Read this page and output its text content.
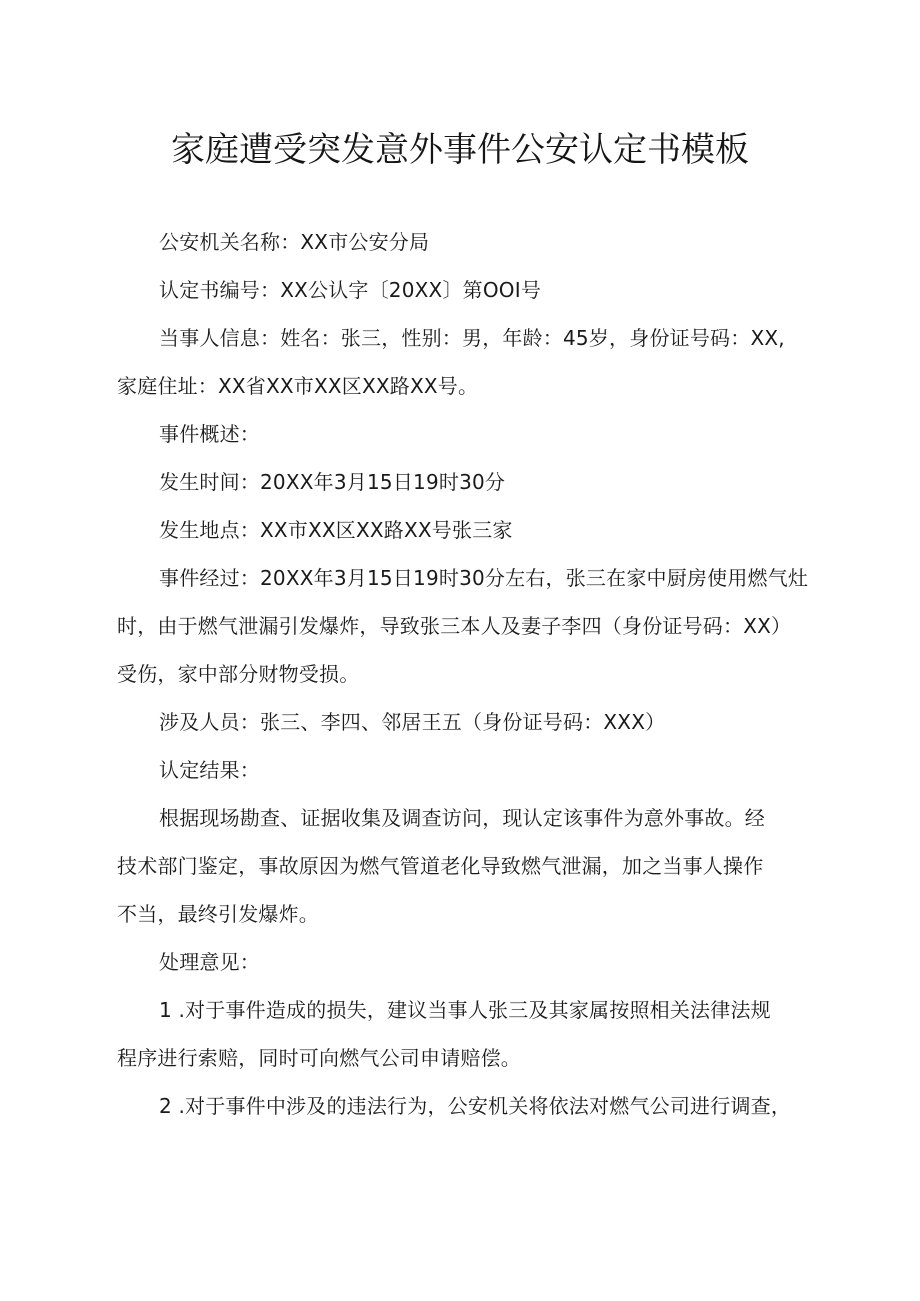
家庭遭受突发意外事件公安认定书模板
公安机关名称：XX市公安分局
认定书编号：XX公认字〔20XX〕第OOI号
当事人信息：姓名：张三，性别：男，年龄：45岁，身份证号码：XX,
家庭住址：XX省XX市XX区XX路XX号。
事件概述：
发生时间：20XX年3月15日19时30分
发生地点：XX市XX区XX路XX号张三家
事件经过：20XX年3月15日19时30分左右，张三在家中厨房使用燃气灶
时，由于燃气泄漏引发爆炸，导致张三本人及妻子李四（身份证号码：XX）
受伤，家中部分财物受损。
涉及人员：张三、李四、邻居王五（身份证号码：XXX）
认定结果：
根据现场勘查、证据收集及调查访问，现认定该事件为意外事故。经
技术部门鉴定，事故原因为燃气管道老化导致燃气泄漏，加之当事人操作
不当，最终引发爆炸。
处理意见：
1 .对于事件造成的损失，建议当事人张三及其家属按照相关法律法规
程序进行索赔，同时可向燃气公司申请赔偿。
2 .对于事件中涉及的违法行为，公安机关将依法对燃气公司进行调查，
